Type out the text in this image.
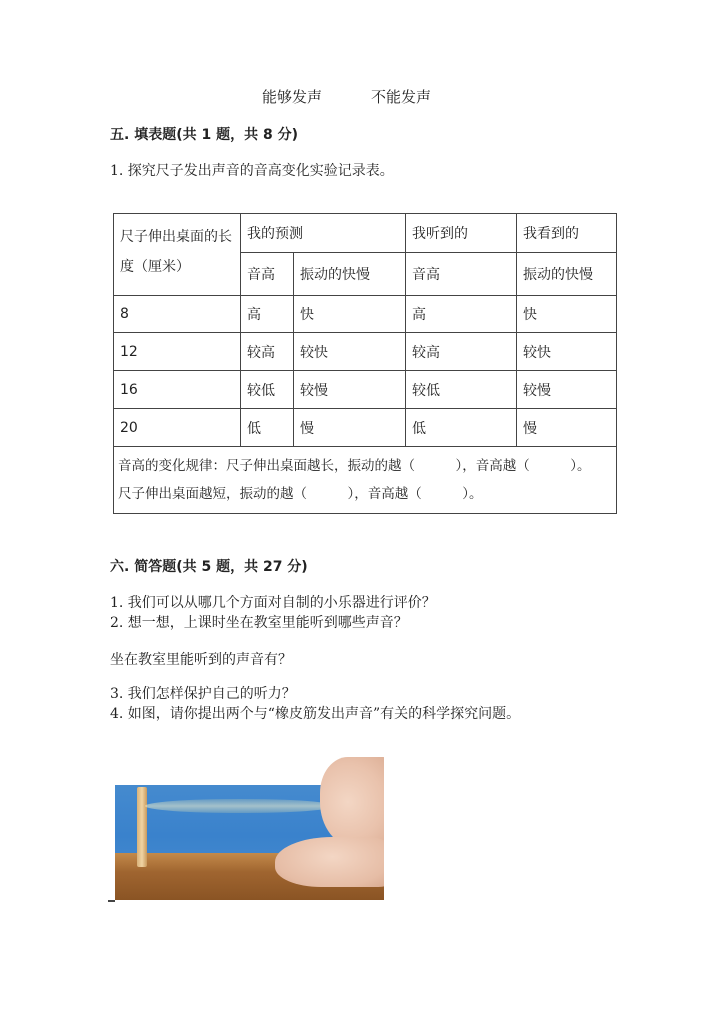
能够发声	不能发声
五. 填表题(共 1 题，共 8 分)
1. 探究尺子发出声音的音高变化实验记录表。
尺子伸出桌面的长度（厘米）	我的预测		我听到的	我看到的
	音高	振动的快慢	音高	振动的快慢
8	高	快	高	快
12	较高	较快	较高	较快
16	较低	较慢	较低	较慢
20	低	慢	低	慢

音高的变化规律：尺子伸出桌面越长，振动的越（　　　），音高越（　　　）。
尺子伸出桌面越短，振动的越（　　　），音高越（　　　）。				
六. 简答题(共 5 题，共 27 分)
1. 我们可以从哪几个方面对自制的小乐器进行评价？
2. 想一想，上课时坐在教室里能听到哪些声音？
坐在教室里能听到的声音有？
3. 我们怎样保护自己的听力？
4. 如图，请你提出两个与“橡皮筋发出声音”有关的科学探究问题。
